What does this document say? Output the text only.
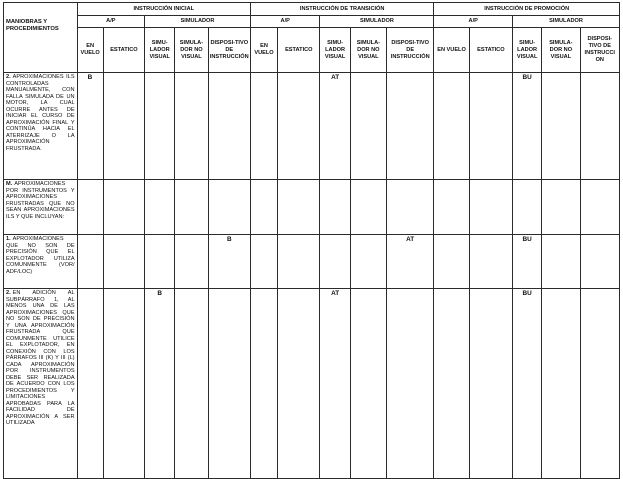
MANIOBRAS Y PROCEDIMIENTOS	INSTRUCCIÓN INICIAL					INSTRUCCIÓN DE TRANSICIÓN					INSTRUCCIÓN DE PROMOCIÓN				
	A/P		SIMULADOR			A/P		SIMULADOR			A/P		SIMULADOR		
	EN VUELO	ESTATICO	SIMU-LADOR VISUAL	SIMULA-DOR NO VISUAL	DISPOSI-TIVO DE INSTRUCCIÓN	EN VUELO	ESTATICO	SIMU-LADOR VISUAL	SIMULA-DOR NO VISUAL	DISPOSI-TIVO DE INSTRUCCIÓN	EN VUELO	ESTATICO	SIMU-LADOR VISUAL	SIMULA-DOR NO VISUAL	DISPOSI-TIVO DE INSTRUCCI ON
2. APROXIMACIONES ILS CONTROLADAS MANUALMENTE, CON FALLA SIMULADA DE UN MOTOR, LA CUAL OCURRE ANTES DE INICIAR EL CURSO DE APROXIMACIÓN FINAL Y CONTINÚA HACIA EL ATERRIZAJE O LA APROXIMACIÓN FRUSTRADA.	B							AT					BU		
M. APROXIMACIONES POR INSTRUMENTOS Y APROXIMACIONES FRUSTRADAS QUE NO SEAN APROXIMACIONES ILS Y QUE INCLUYAN:															
1. APROXIMACIONES QUE NO SON DE PRECISIÓN QUE EL EXPLOTADOR UTILIZA COMUNMENTE (VOR/ ADF/LOC)					B					AT			BU		
2. EN ADICIÓN AL SUBPÁRRAFO 1, AL MENOS UNA DE LAS APROXIMACIONES QUE NO SON DE PRECISIÓN Y UNA APROXIMACIÓN FRUSTRADA QUE COMUNMENTE UTILICE EL EXPLOTADOR, EN CONEXIÓN CON LOS PÁRRAFOS III (K) Y III (L) CADA APROXIMACIÓN POR INSTRUMENTOS DEBE SER REALIZADA DE ACUERDO CON LOS PROCEDIMIENTOS Y LIMITACIONES APROBADAS PARA LA FACILIDAD DE APROXIMACIÓN A SER UTILIZADA			B					AT					BU		
